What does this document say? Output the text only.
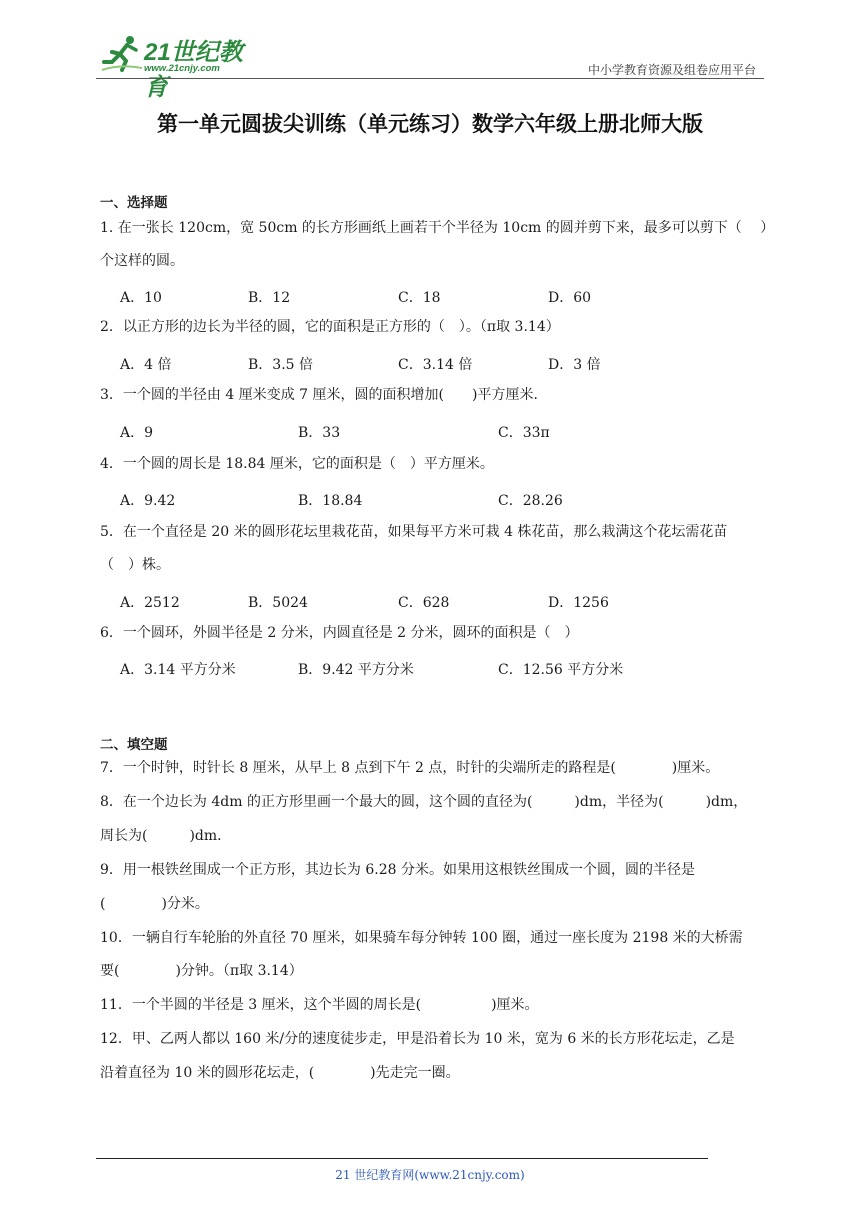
21世纪教育
www.21cnjy.com	中小学教育资源及组卷应用平台
第一单元圆拔尖训练（单元练习）数学六年级上册北师大版
一、选择题
1. 在一张长 120cm，宽 50cm 的长方形画纸上画若干个半径为 10cm 的圆并剪下来，最多可以剪下（　 ）
个这样的圆。
A．10	B．12	C．18	D．60
2．以正方形的边长为半径的圆，它的面积是正方形的（　）。（π取 3.14）
A．4 倍	B．3.5 倍	C．3.14 倍	D．3 倍
3．一个圆的半径由 4 厘米变成 7 厘米，圆的面积增加(　　)平方厘米．
A．9	B．33	C．33π
4．一个圆的周长是 18.84 厘米，它的面积是（　）平方厘米。
A．9.42	B．18.84	C．28.26
5．在一个直径是 20 米的圆形花坛里栽花苗，如果每平方米可栽 4 株花苗，那么栽满这个花坛需花苗
（　）株。
A．2512	B．5024	C．628	D．1256
6．一个圆环，外圆半径是 2 分米，内圆直径是 2 分米，圆环的面积是（　）
A．3.14 平方分米	B．9.42 平方分米	C．12.56 平方分米
二、填空题
7．一个时钟，时针长 8 厘米，从早上 8 点到下午 2 点，时针的尖端所走的路程是(　　　　)厘米。
8．在一个边长为 4dm 的正方形里画一个最大的圆，这个圆的直径为(　　　)dm，半径为(　　　)dm，
周长为(　　　)dm．
9．用一根铁丝围成一个正方形，其边长为 6.28 分米。如果用这根铁丝围成一个圆，圆的半径是
(　　　　)分米。
10．一辆自行车轮胎的外直径 70 厘米，如果骑车每分钟转 100 圈，通过一座长度为 2198 米的大桥需
要(　　　　)分钟。（π取 3.14）
11．一个半圆的半径是 3 厘米，这个半圆的周长是(　　　　　)厘米。
12．甲、乙两人都以 160 米/分的速度徒步走，甲是沿着长为 10 米，宽为 6 米的长方形花坛走，乙是
沿着直径为 10 米的圆形花坛走，(　　　　)先走完一圈。
21 世纪教育网(www.21cnjy.com)
